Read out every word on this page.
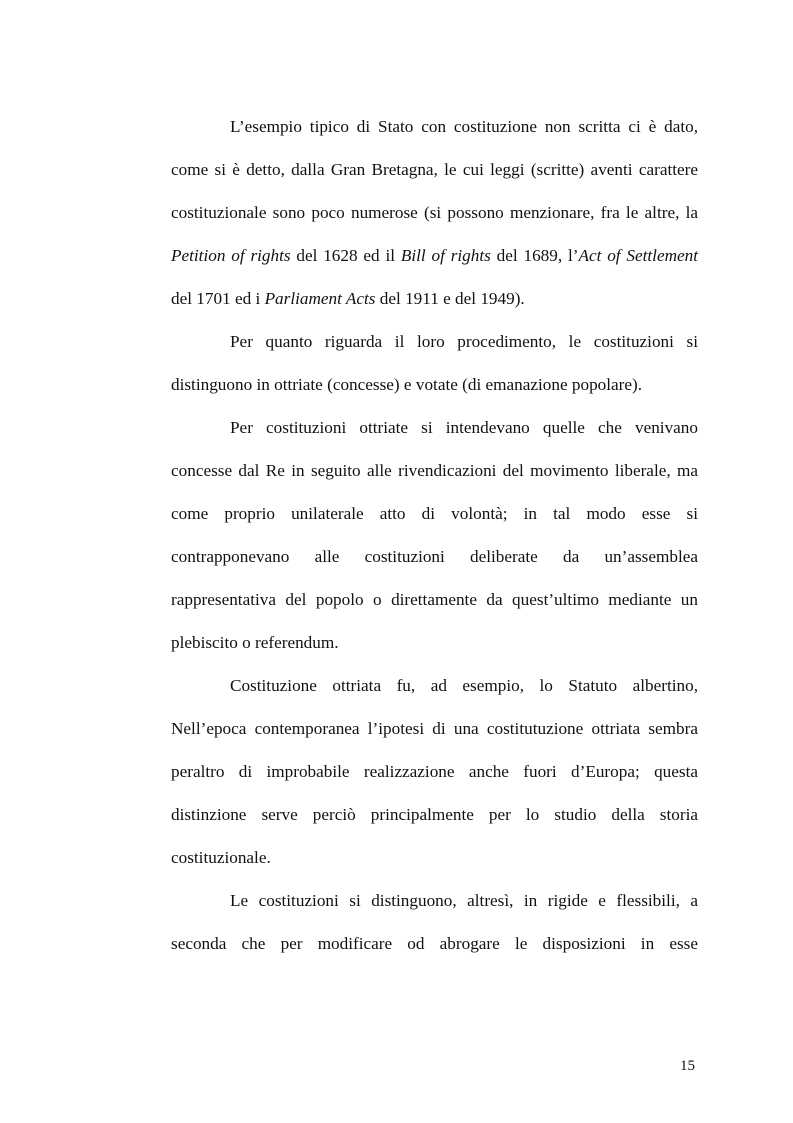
L’esempio tipico di Stato con costituzione non scritta ci è dato, come si è detto, dalla Gran Bretagna, le cui leggi (scritte) aventi carattere costituzionale sono poco numerose (si possono menzionare, fra le altre, la Petition of rights del 1628 ed il Bill of rights del 1689, l’Act of Settlement del 1701 ed i Parliament Acts del 1911 e del 1949).

Per quanto riguarda il loro procedimento, le costituzioni si distinguono in ottriate (concesse) e votate (di emanazione popolare).

Per costituzioni ottriate si intendevano quelle che venivano concesse dal Re in seguito alle rivendicazioni del movimento liberale, ma come proprio unilaterale atto di volontà; in tal modo esse si contrapponevano alle costituzioni deliberate da un’assemblea rappresentativa del popolo o direttamente da quest’ultimo mediante un plebiscito o referendum.

Costituzione ottriata fu, ad esempio, lo Statuto albertino, Nell’epoca contemporanea l’ipotesi di una costitutuzione ottriata sembra peraltro di improbabile realizzazione anche fuori d’Europa; questa distinzione serve perciò principalmente per lo studio della storia costituzionale.

Le costituzioni si distinguono, altresì, in rigide e flessibili, a seconda che per modificare od abrogare le disposizioni in esse

15
